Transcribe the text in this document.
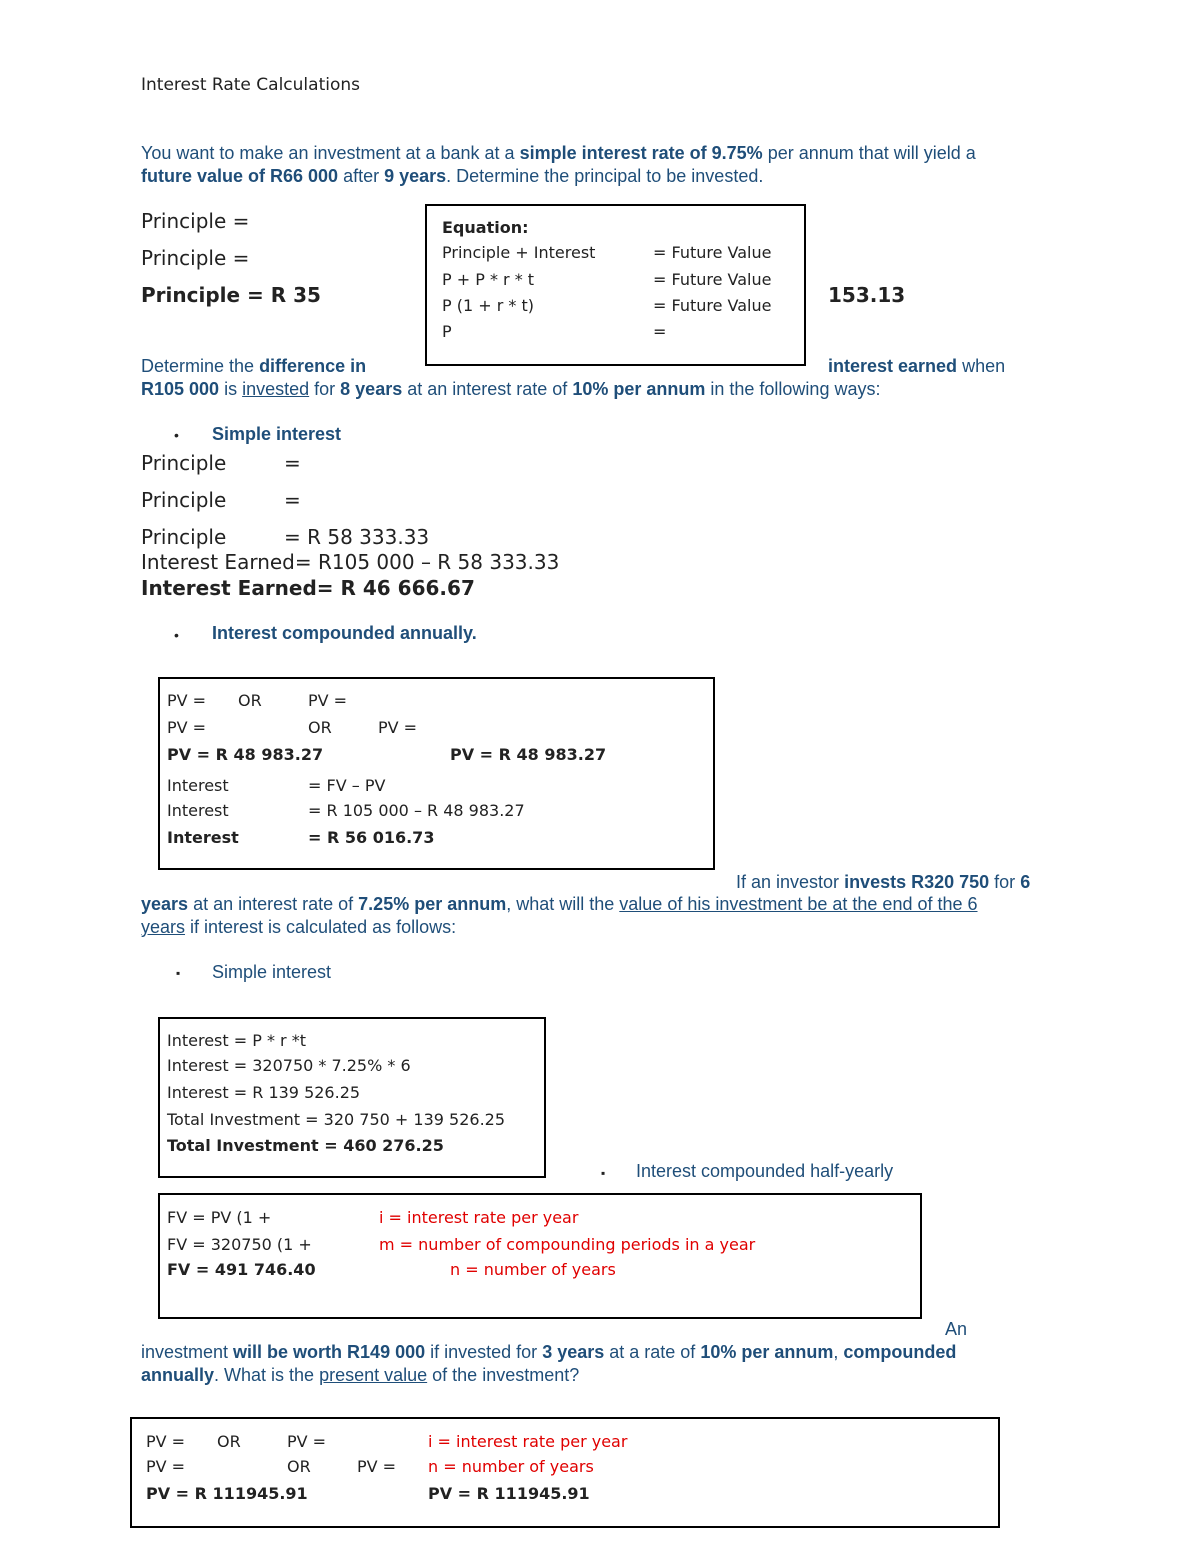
Interest Rate Calculations
You want to make an investment at a bank at a simple interest rate of 9.75% per annum that will yield a
future value of R66 000 after 9 years. Determine the principal to be invested.
Principle =
Principle =
Principle = R 35	153.13
Equation:
Principle + Interest	= Future Value
P + P * r * t	= Future Value
P (1 + r * t)	= Future Value
P	=
Determine the difference in	interest earned when
R105 000 is invested for 8 years at an interest rate of 10% per annum in the following ways:
• Simple interest
Principle	=
Principle	=
Principle	= R 58 333.33
Interest Earned= R105 000 – R 58 333.33
Interest Earned= R 46 666.67
• Interest compounded annually.
PV = OR	PV =
PV =	OR	PV =
PV = R 48 983.27	PV = R 48 983.27
Interest	= FV – PV
Interest	= R 105 000 – R 48 983.27
Interest	= R 56 016.73
If an investor invests R320 750 for 6
years at an interest rate of 7.25% per annum, what will the value of his investment be at the end of the 6
years if interest is calculated as follows:
▪ Simple interest
Interest = P * r *t
Interest = 320750 * 7.25% * 6
Interest = R 139 526.25
Total Investment = 320 750 + 139 526.25
Total Investment = 460 276.25
▪ Interest compounded half-yearly
FV = PV (1 +
FV = 320750 (1 +
FV = 491 746.40
i = interest rate per year
m = number of compounding periods in a year
n = number of years
An
investment will be worth R149 000 if invested for 3 years at a rate of 10% per annum, compounded
annually. What is the present value of the investment?
PV = OR	PV =
PV =	OR	PV =
PV = R 111945.91	PV = R 111945.91
i = interest rate per year
n = number of years
